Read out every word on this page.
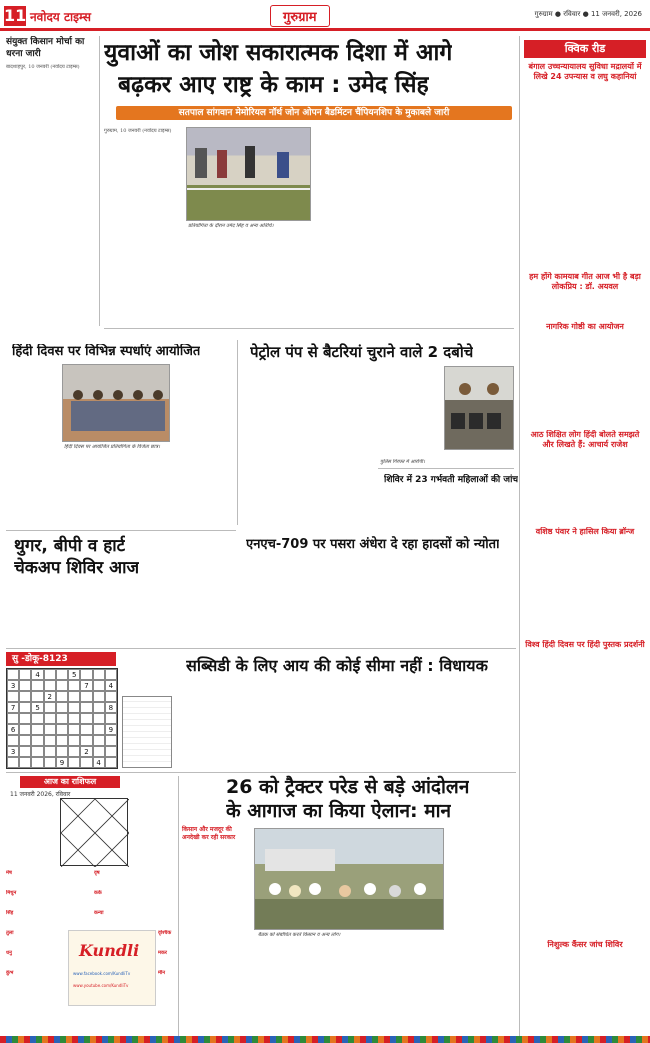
11 नवोदय टाइम्स	गुरुग्राम	गुरुग्राम ● रविवार ● 11 जनवरी, 2026
संयुक्त किसान मोर्चा का धरना जारी

बादशाहपुर, 10 जनवरी (नवोदय टाइम्स)

युवाओं का जोश सकारात्मक दिशा में आगे
बढ़कर आए राष्ट्र के काम : उमेद सिंह
सतपाल सांगवान मेमोरियल नॉर्थ जोन ओपन बैडमिंटन चैंपियनशिप के मुकाबले जारी

गुरुग्राम, 10 जनवरी (नवोदय टाइम्स)

प्रतियोगिता के दौरान उमेद सिंह व अन्य अतिथि।
हिंदी दिवस पर विभिन्न स्पर्धाएं आयोजित
हिंदी दिवस पर आयोजित प्रतियोगिता के विजेता छात्र।
पेट्रोल पंप से बैटरियां चुराने वाले 2 दबोचे
पुलिस गिरफ्त में आरोपी।
शिविर में 23 गर्भवती महिलाओं की जांच
थुगर, बीपी व हार्ट
चेकअप शिविर आज
एनएच-709 पर पसरा अंधेरा दे रहा हादसों को न्योता
सु -डोकू-8123
4	5
3	7	4
2
7	5	8
6	9
3	2
9	4
सब्सिडी के लिए आय की कोई सीमा नहीं : विधायक
आज का राशिफल
11 जनवरी 2026, रविवार
मेष	वृष
मिथुन	कर्क
सिंह	कन्या
तुला	वृश्चिक
धनु	मकर
कुंभ	मीन
Kundli
www.facebook.com/KundliTv
www.youtube.com/KundliTv
26 को ट्रैक्टर परेड से बड़े आंदोलन
के आगाज का किया ऐलान: मान
किसान और मजदूर की
अनदेखी कर रही सरकार
बैठक को संबोधित करते किसान व अन्य लोग।
क्विक रीड
बंगाल उच्चन्यायालय सुविधा मद्रालयों में लिखे 24 उपन्यास व लघु कहानियां
हम होंगे कामयाब गीत आज भी है बड़ा लोकप्रिय : डॉ. अयवल
नागरिक गोष्ठी का आयोजन
आठ शिक्षित लोग हिंदी बोलते समझते और लिखते हैं: आचार्य राजेश
वशिष्ठ पंवार ने हासिल किया ब्रॉन्ज
विश्व हिंदी दिवस पर हिंदी पुस्तक प्रदर्शनी
निशुल्क कैंसर जांच शिविर
